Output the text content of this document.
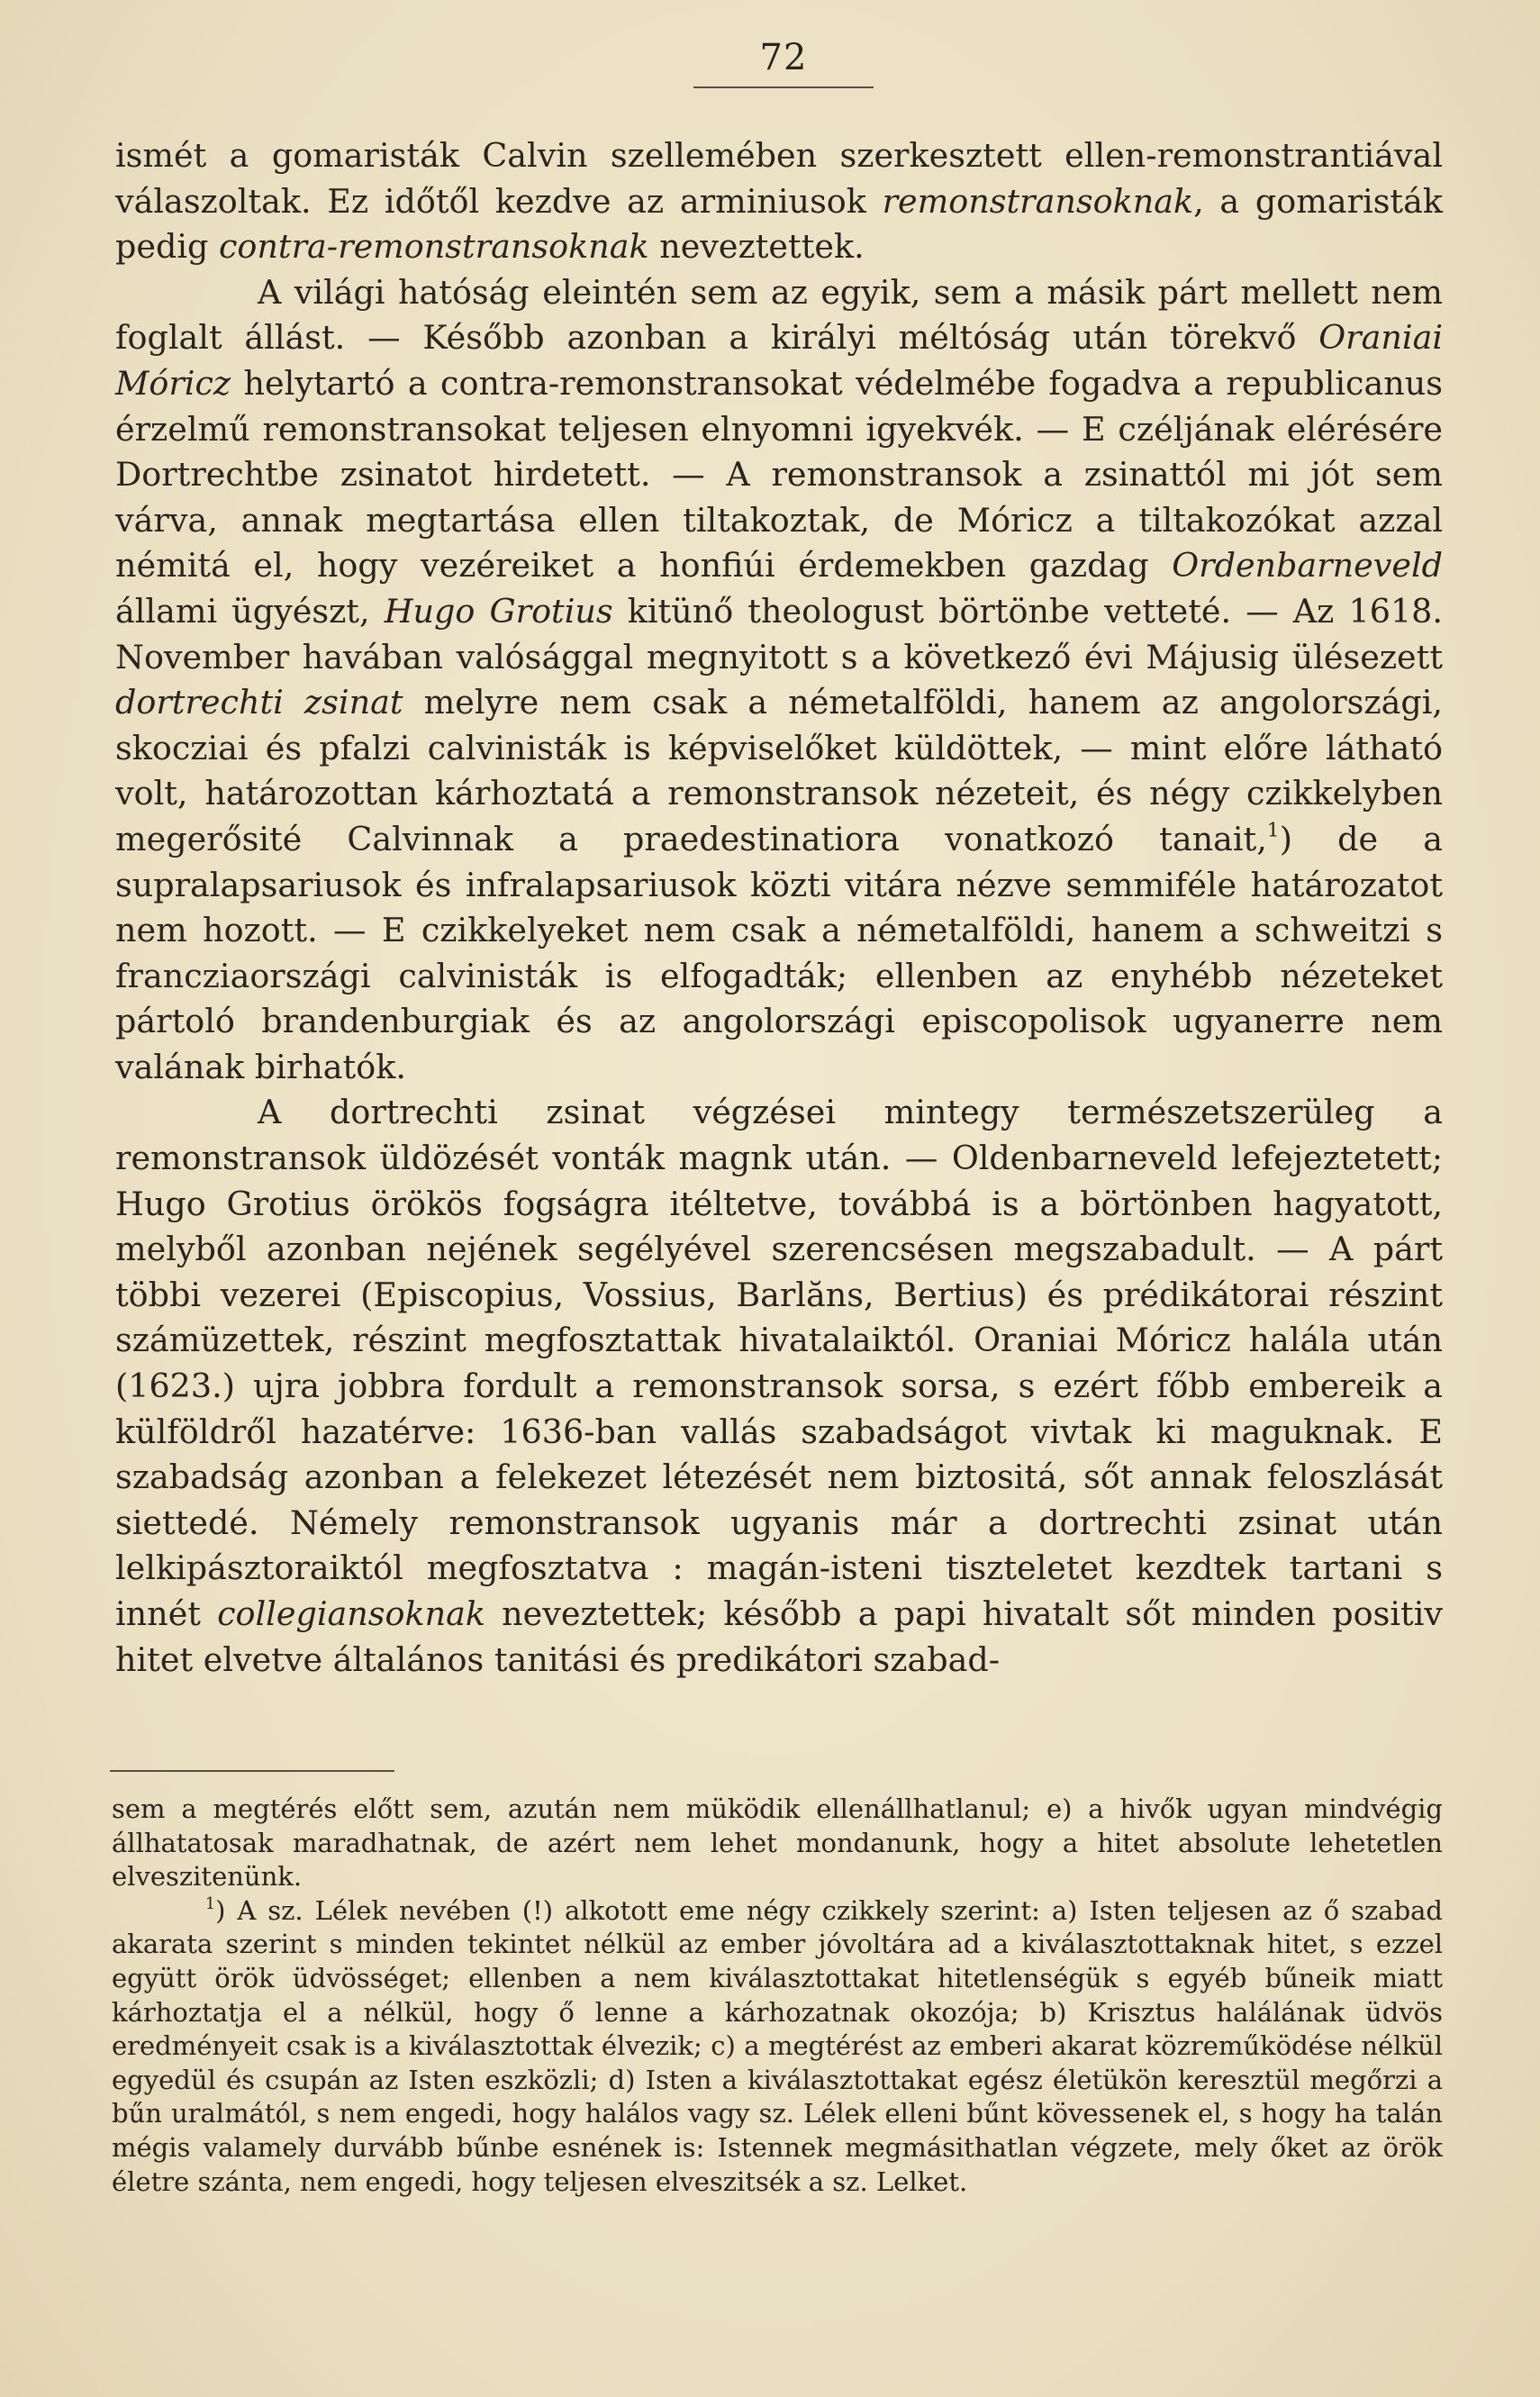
72

ismét a gomaristák Calvin szellemében szerkesztett ellen-remonstrantiával válaszoltak. Ez időtől kezdve az arminiusok remonstransoknak, a gomaristák pedig contra-remonstransoknak neveztettek.

A világi hatóság eleintén sem az egyik, sem a másik párt mellett nem foglalt állást. — Később azonban a királyi méltóság után törekvő Oraniai Móricz helytartó a contra-remonstransokat védelmébe fogadva a republicanus érzelmű remonstransokat teljesen elnyomni igyekvék. — E czéljának elérésére Dortrechtbe zsinatot hirdetett. — A remonstransok a zsinattól mi jót sem várva, annak megtartása ellen tiltakoztak, de Móricz a tiltakozókat azzal némitá el, hogy vezéreiket a honfiúi érdemekben gazdag Ordenbarneveld állami ügyészt, Hugo Grotius kitünő theologust börtönbe vetteté. — Az 1618. November havában valósággal megnyitott s a következő évi Májusig ülésezett dortrechti zsinat melyre nem csak a németalföldi, hanem az angolországi, skocziai és pfalzi calvinisták is képviselőket küldöttek, — mint előre látható volt, határozottan kárhoztatá a remonstransok nézeteit, és négy czikkelyben megerősité Calvinnak a praedestinatiora vonatkozó tanait,$^1$) de a supralapsariusok és infralapsariusok közti vitára nézve semmiféle határozatot nem hozott. — E czikkelyeket nem csak a németalföldi, hanem a schweitzi s francziaországi calvinisták is elfogadták; ellenben az enyhébb nézeteket pártoló brandenburgiak és az angolországi episcopolisok ugyanerre nem valának birhatók.

A dortrechti zsinat végzései mintegy természetszerüleg a remonstransok üldözését vonták magnk után. — Oldenbarneveld lefejeztetett; Hugo Grotius örökös fogságra itéltetve, továbbá is a börtönben hagyatott, melyből azonban nejének segélyével szerencsésen megszabadult. — A párt többi vezerei (Episcopius, Vossius, Barlăns, Bertius) és prédikátorai részint számüzettek, részint megfosztattak hivatalaiktól. Oraniai Móricz halála után (1623.) ujra jobbra fordult a remonstransok sorsa, s ezért főbb embereik a külföldről hazatérve: 1636-ban vallás szabadságot vivtak ki maguknak. E szabadság azonban a felekezet létezését nem biztositá, sőt annak feloszlását siettedé. Némely remonstransok ugyanis már a dortrechti zsinat után lelkipásztoraiktól megfosztatva : magán-isteni tiszteletet kezdtek tartani s innét collegiansoknak neveztettek; később a papi hivatalt sőt minden positiv hitet elvetve általános tanitási és predikátori szabad-

sem a megtérés előtt sem, azután nem müködik ellenállhatlanul; e) a hivők ugyan mindvégig állhatatosak maradhatnak, de azért nem lehet mondanunk, hogy a hitet absolute lehetetlen elveszitenünk.

$^1$) A sz. Lélek nevében (!) alkotott eme négy czikkely szerint: a) Isten teljesen az ő szabad akarata szerint s minden tekintet nélkül az ember jóvoltára ad a kiválasztottaknak hitet, s ezzel együtt örök üdvösséget; ellenben a nem kiválasztottakat hitetlenségük s egyéb bűneik miatt kárhoztatja el a nélkül, hogy ő lenne a kárhozatnak okozója; b) Krisztus halálának üdvös eredményeit csak is a kiválasztottak élvezik; c) a megtérést az emberi akarat közreműködése nélkül egyedül és csupán az Isten eszközli; d) Isten a kiválasztottakat egész életükön keresztül megőrzi a bűn uralmától, s nem engedi, hogy halálos vagy sz. Lélek elleni bűnt kövessenek el, s hogy ha talán mégis valamely durvább bűnbe esnének is: Istennek megmásithatlan végzete, mely őket az örök életre szánta, nem engedi, hogy teljesen elveszitsék a sz. Lelket.
